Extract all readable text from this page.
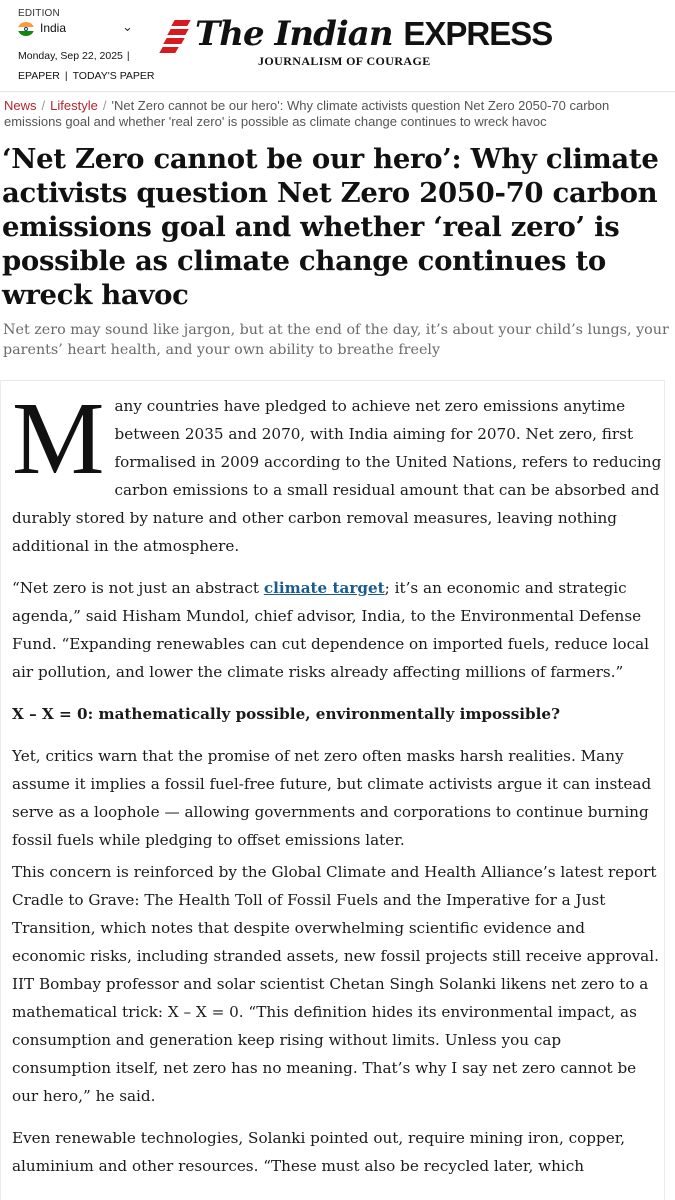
EDITION
India	⌄
Monday, Sep 22, 2025 |
EPAPER | TODAY'S PAPER
The Indian EXPRESS
JOURNALISM OF COURAGE
News / Lifestyle / 'Net Zero cannot be our hero': Why climate activists question Net Zero 2050-70 carbon emissions goal and whether 'real zero' is possible as climate change continues to wreck havoc
‘Net Zero cannot be our hero’: Why climate activists question Net Zero 2050-70 carbon emissions goal and whether ‘real zero’ is possible as climate change continues to wreck havoc

Net zero may sound like jargon, but at the end of the day, it’s about your child’s lungs, your parents’ heart health, and your own ability to breathe freely

Many countries have pledged to achieve net zero emissions anytime between 2035 and 2070, with India aiming for 2070. Net zero, first formalised in 2009 according to the United Nations, refers to reducing carbon emissions to a small residual amount that can be absorbed and durably stored by nature and other carbon removal measures, leaving nothing additional in the atmosphere.

“Net zero is not just an abstract climate target; it’s an economic and strategic agenda,” said Hisham Mundol, chief advisor, India, to the Environmental Defense Fund. “Expanding renewables can cut dependence on imported fuels, reduce local air pollution, and lower the climate risks already affecting millions of farmers.”

X – X = 0: mathematically possible, environmentally impossible?

Yet, critics warn that the promise of net zero often masks harsh realities. Many assume it implies a fossil fuel-free future, but climate activists argue it can instead serve as a loophole — allowing governments and corporations to continue burning fossil fuels while pledging to offset emissions later.

This concern is reinforced by the Global Climate and Health Alliance’s latest report Cradle to Grave: The Health Toll of Fossil Fuels and the Imperative for a Just Transition, which notes that despite overwhelming scientific evidence and economic risks, including stranded assets, new fossil projects still receive approval.

IIT Bombay professor and solar scientist Chetan Singh Solanki likens net zero to a mathematical trick: X – X = 0. “This definition hides its environmental impact, as consumption and generation keep rising without limits. Unless you cap consumption itself, net zero has no meaning. That’s why I say net zero cannot be our hero,” he said.

Even renewable technologies, Solanki pointed out, require mining iron, copper, aluminium and other resources. “These must also be recycled later, which
